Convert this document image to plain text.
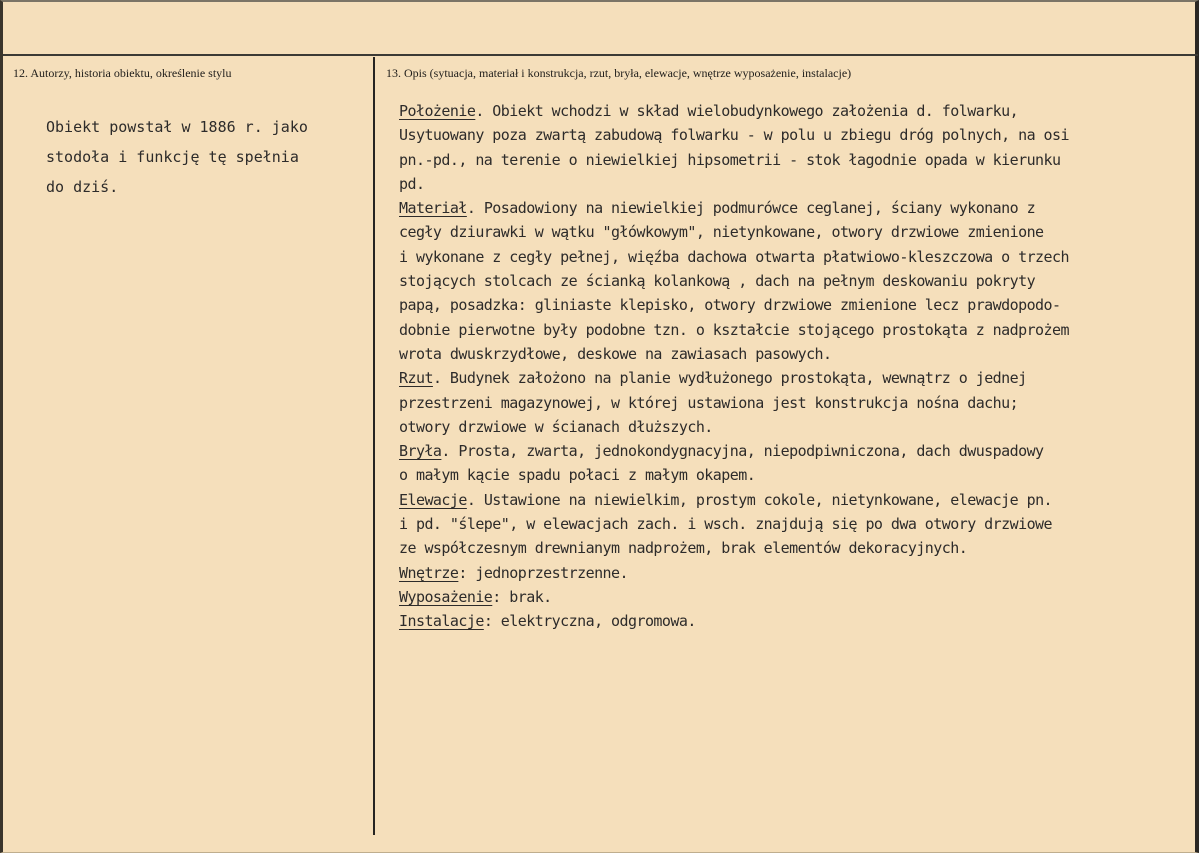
12. Autorzy, historia obiektu, określenie stylu	13. Opis (sytuacja, materiał i konstrukcja, rzut, bryła, elewacje, wnętrze wyposażenie, instalacje)
Obiekt powstał w 1886 r. jako
stodoła i funkcję tę spełnia
do dziś.
Położenie. Obiekt wchodzi w skład wielobudynkowego założenia d. folwarku,
Usytuowany poza zwartą zabudową folwarku - w polu u zbiegu dróg polnych, na osi
pn.-pd., na terenie o niewielkiej hipsometrii - stok łagodnie opada w kierunku
pd.
Materiał. Posadowiony na niewielkiej podmurówce ceglanej, ściany wykonano z
cegły dziurawki w wątku "główkowym", nietynkowane, otwory drzwiowe zmienione
i wykonane z cegły pełnej, więźba dachowa otwarta płatwiowo-kleszczowa o trzech
stojących stolcach ze ścianką kolankową , dach na pełnym deskowaniu pokryty
papą, posadzka: gliniaste klepisko, otwory drzwiowe zmienione lecz prawdopodo-
dobnie pierwotne były podobne tzn. o kształcie stojącego prostokąta z nadprożem
wrota dwuskrzydłowe, deskowe na zawiasach pasowych.
Rzut. Budynek założono na planie wydłużonego prostokąta, wewnątrz o jednej
przestrzeni magazynowej, w której ustawiona jest konstrukcja nośna dachu;
otwory drzwiowe w ścianach dłuższych.
Bryła. Prosta, zwarta, jednokondygnacyjna, niepodpiwniczona, dach dwuspadowy
o małym kącie spadu połaci z małym okapem.
Elewacje. Ustawione na niewielkim, prostym cokole, nietynkowane, elewacje pn.
i pd. "ślepe", w elewacjach zach. i wsch. znajdują się po dwa otwory drzwiowe
ze współczesnym drewnianym nadprożem, brak elementów dekoracyjnych.
Wnętrze: jednoprzestrzenne.
Wyposażenie: brak.
Instalacje: elektryczna, odgromowa.
